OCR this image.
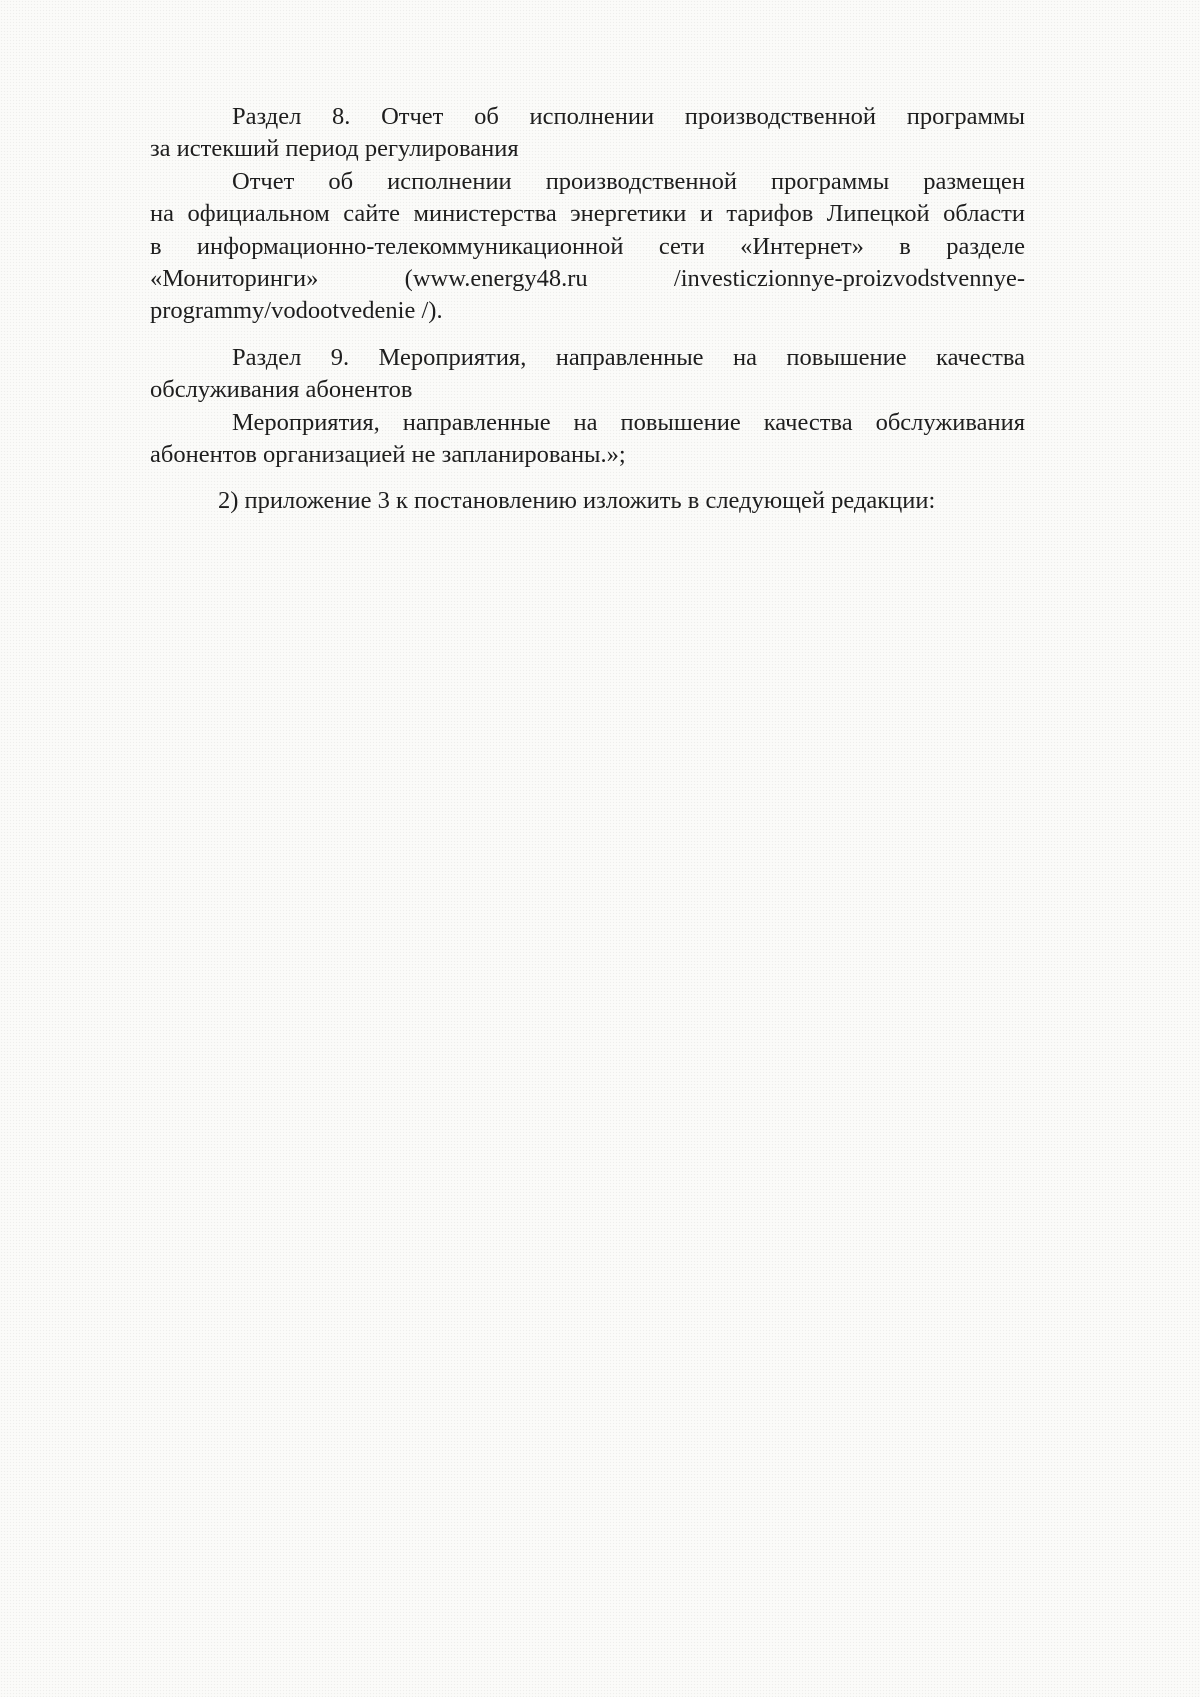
Раздел 8. Отчет об исполнении производственной программы
за истекший период регулирования
Отчет об исполнении производственной программы размещен
на официальном сайте министерства энергетики и тарифов Липецкой области
в информационно-телекоммуникационной сети «Интернет» в разделе
«Мониторинги» (www.energy48.ru /investiczionnye-proizvodstvennye-
programmy/vodootvedenie /).
Раздел 9. Мероприятия, направленные на повышение качества
обслуживания абонентов
Мероприятия, направленные на повышение качества обслуживания
абонентов организацией не запланированы.»;
2) приложение 3 к постановлению изложить в следующей редакции:
